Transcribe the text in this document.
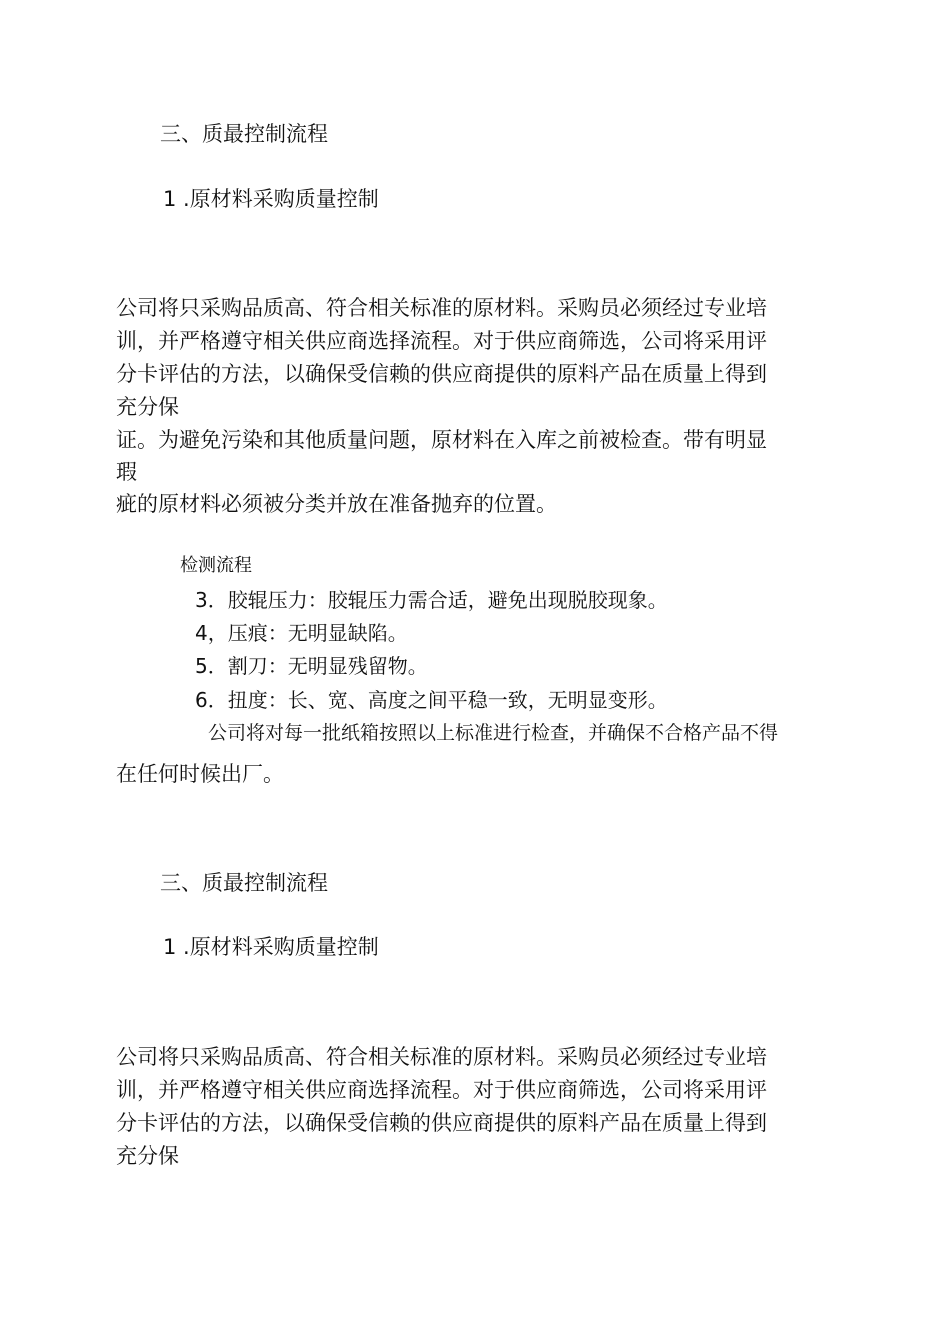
三、质最控制流程
1 .原材料采购质量控制
公司将只采购品质高、符合相关标准的原材料。采购员必须经过专业培
训，并严格遵守相关供应商选择流程。对于供应商筛选，公司将采用评
分卡评估的方法，以确保受信赖的供应商提供的原料产品在质量上得到
充分保
证。为避免污染和其他质量问题，原材料在入库之前被检查。带有明显
瑕
疵的原材料必须被分类并放在准备抛弃的位置。
检测流程
3．胶辊压力：胶辊压力需合适，避免出现脱胶现象。
4，压痕：无明显缺陷。
5．割刀：无明显残留物。
6．扭度：长、宽、高度之间平稳一致，无明显变形。
公司将对每一批纸箱按照以上标准进行检查，并确保不合格产品不得
在任何时候出厂。
三、质最控制流程
1 .原材料采购质量控制
公司将只采购品质高、符合相关标准的原材料。采购员必须经过专业培
训，并严格遵守相关供应商选择流程。对于供应商筛选，公司将采用评
分卡评估的方法，以确保受信赖的供应商提供的原料产品在质量上得到
充分保
